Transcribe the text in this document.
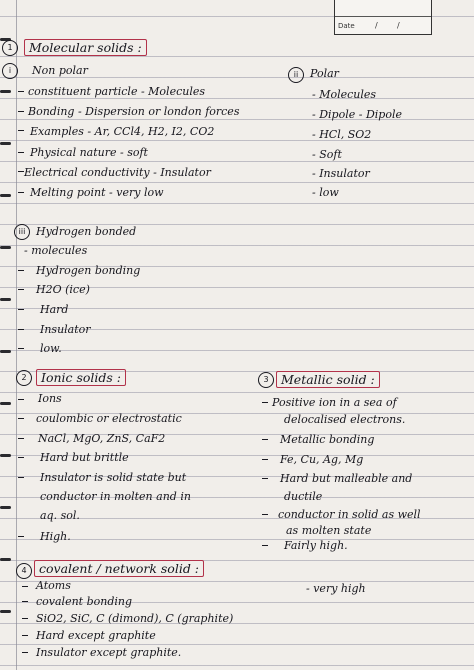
Date	/ /
1	Molecular solids :
i	Non polar
constituent particle - Molecules
Bonding - Dispersion or london forces
Examples - Ar, CCl4, H2, I2, CO2
Physical nature - soft
Electrical conductivity - Insulator
Melting point - very low
ii	Polar
- Molecules
- Dipole - Dipole
- HCl, SO2
- Soft
- Insulator
- low
iii Hydrogen bonded
- molecules
Hydrogen bonding
H2O (ice)
Hard
Insulator
low.
2	Ionic solids :
Ions
coulombic or electrostatic
NaCl, MgO, ZnS, CaF2
Hard but brittle
Insulator is solid state but
conductor in molten and in
aq. sol.
High.
3 Metallic solid :
Positive ion in a sea of
delocalised electrons.
Metallic bonding
Fe, Cu, Ag, Mg
Hard but malleable and
ductile
conductor in solid as well
as molten state
Fairly high.
4 covalent / network solid :
Atoms	- very high
covalent bonding
SiO2, SiC, C (dimond), C (graphite)
Hard except graphite
Insulator except graphite.
